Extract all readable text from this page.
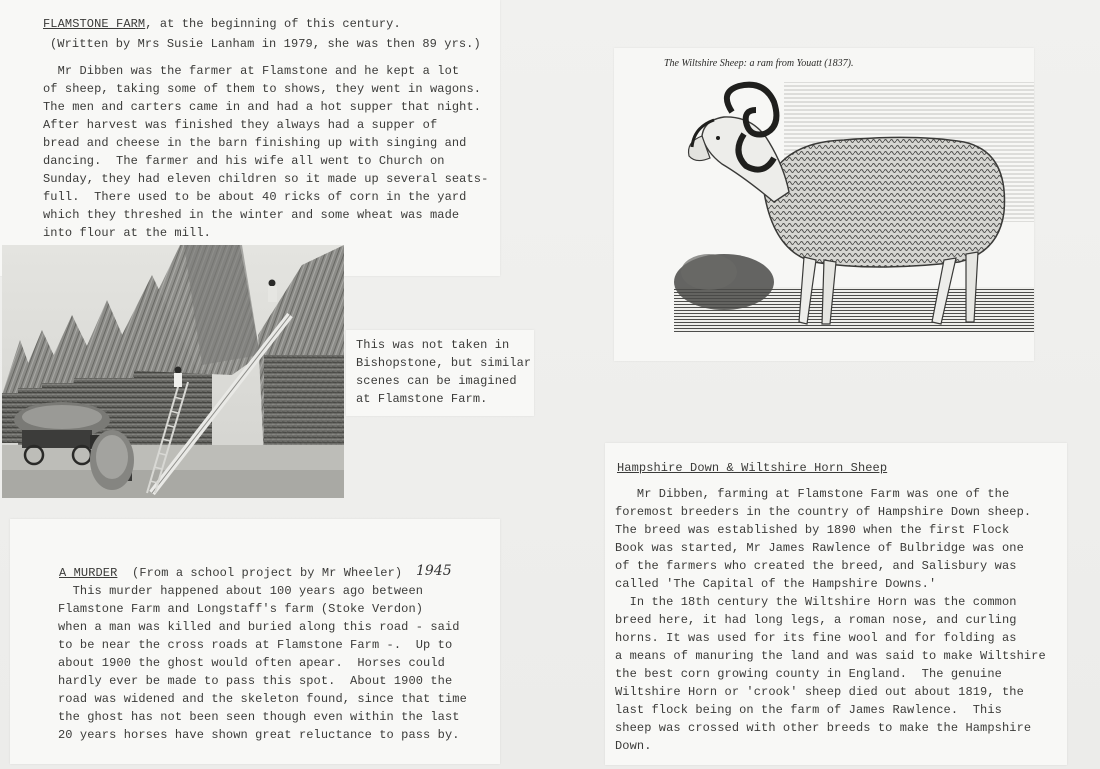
FLAMSTONE FARM, at the beginning of this century.
(Written by Mrs Susie Lanham in 1979, she was then 89 yrs.)
Mr Dibben was the farmer at Flamstone and he kept a lot
of sheep, taking some of them to shows, they went in wagons.
The men and carters came in and had a hot supper that night.
After harvest was finished they always had a supper of
bread and cheese in the barn finishing up with singing and
dancing.  The farmer and his wife all went to Church on
Sunday, they had eleven children so it made up several seats-
full.  There used to be about 40 ricks of corn in the yard
which they threshed in the winter and some wheat was made
into flour at the mill.
This was not taken in
Bishopstone, but similar
scenes can be imagined
at Flamstone Farm.
The Wiltshire Sheep: a ram from Youatt (1837).
A MURDER  (From a school project by Mr Wheeler) 1945
This murder happened about 100 years ago between
Flamstone Farm and Longstaff's farm (Stoke Verdon)
when a man was killed and buried along this road - said
to be near the cross roads at Flamstone Farm -.  Up to
about 1900 the ghost would often apear.  Horses could
hardly ever be made to pass this spot.  About 1900 the
road was widened and the skeleton found, since that time
the ghost has not been seen though even within the last
20 years horses have shown great reluctance to pass by.
Hampshire Down & Wiltshire Horn Sheep
Mr Dibben, farming at Flamstone Farm was one of the
foremost breeders in the country of Hampshire Down sheep.
The breed was established by 1890 when the first Flock
Book was started, Mr James Rawlence of Bulbridge was one
of the farmers who created the breed, and Salisbury was
called 'The Capital of the Hampshire Downs.'
In the 18th century the Wiltshire Horn was the common
breed here, it had long legs, a roman nose, and curling
horns. It was used for its fine wool and for folding as
a means of manuring the land and was said to make Wiltshire
the best corn growing county in England.  The genuine
Wiltshire Horn or 'crook' sheep died out about 1819, the
last flock being on the farm of James Rawlence.  This
sheep was crossed with other breeds to make the Hampshire
Down.
